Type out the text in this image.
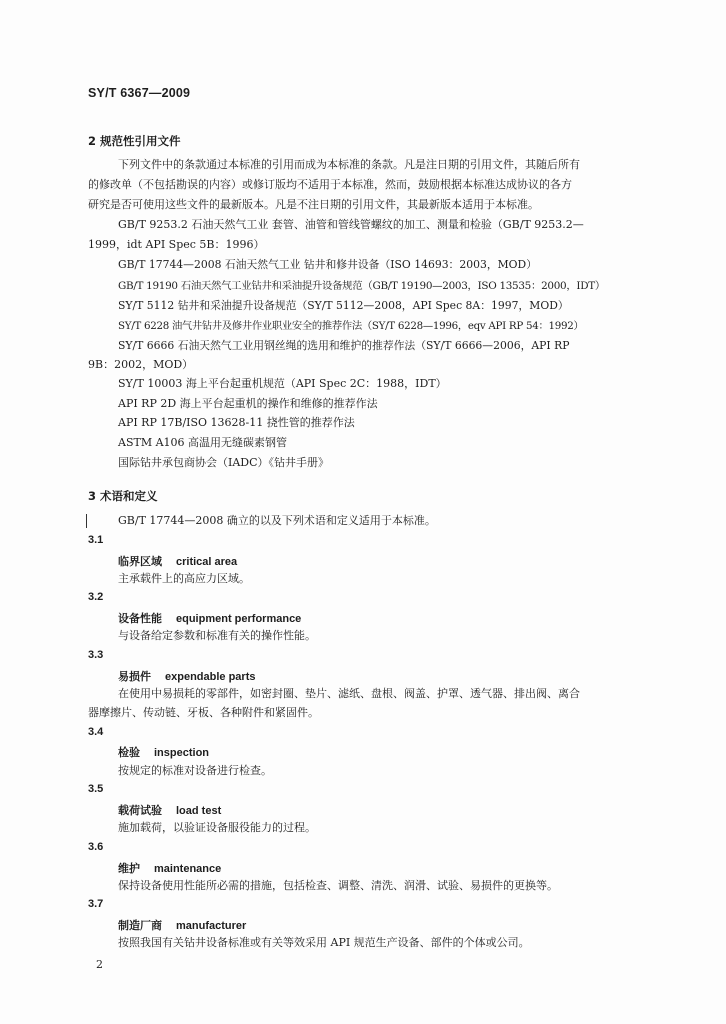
SY/T 6367—2009
2 规范性引用文件
下列文件中的条款通过本标准的引用而成为本标准的条款。凡是注日期的引用文件，其随后所有
的修改单（不包括勘误的内容）或修订版均不适用于本标准，然而，鼓励根据本标准达成协议的各方
研究是否可使用这些文件的最新版本。凡是不注日期的引用文件，其最新版本适用于本标准。
GB/T 9253.2 石油天然气工业 套管、油管和管线管螺纹的加工、测量和检验（GB/T 9253.2—
1999，idt API Spec 5B：1996）
GB/T 17744—2008 石油天然气工业 钻井和修井设备（ISO 14693：2003，MOD）
GB/T 19190 石油天然气工业钻井和采油提升设备规范（GB/T 19190—2003，ISO 13535：2000，IDT）
SY/T 5112 钻井和采油提升设备规范（SY/T 5112—2008，API Spec 8A：1997，MOD）
SY/T 6228 油气井钻井及修井作业职业安全的推荐作法（SY/T 6228—1996，eqv API RP 54：1992）
SY/T 6666 石油天然气工业用钢丝绳的选用和维护的推荐作法（SY/T 6666—2006，API RP
9B：2002，MOD）
SY/T 10003 海上平台起重机规范（API Spec 2C：1988，IDT）
API RP 2D 海上平台起重机的操作和维修的推荐作法
API RP 17B/ISO 13628-11 挠性管的推荐作法
ASTM A106 高温用无缝碳素钢管
国际钻井承包商协会（IADC）《钻井手册》
3 术语和定义
GB/T 17744—2008 确立的以及下列术语和定义适用于本标准。
3.1
临界区域 critical area
主承载件上的高应力区域。
3.2
设备性能 equipment performance
与设备给定参数和标准有关的操作性能。
3.3
易损件 expendable parts
在使用中易损耗的零部件，如密封圈、垫片、滤纸、盘根、阀盖、护罩、透气器、排出阀、离合
器摩擦片、传动链、牙板、各种附件和紧固件。
3.4
检验 inspection
按规定的标准对设备进行检查。
3.5
载荷试验 load test
施加载荷，以验证设备服役能力的过程。
3.6
维护 maintenance
保持设备使用性能所必需的措施，包括检查、调整、清洗、润滑、试验、易损件的更换等。
3.7
制造厂商 manufacturer
按照我国有关钻井设备标准或有关等效采用 API 规范生产设备、部件的个体或公司。
2
